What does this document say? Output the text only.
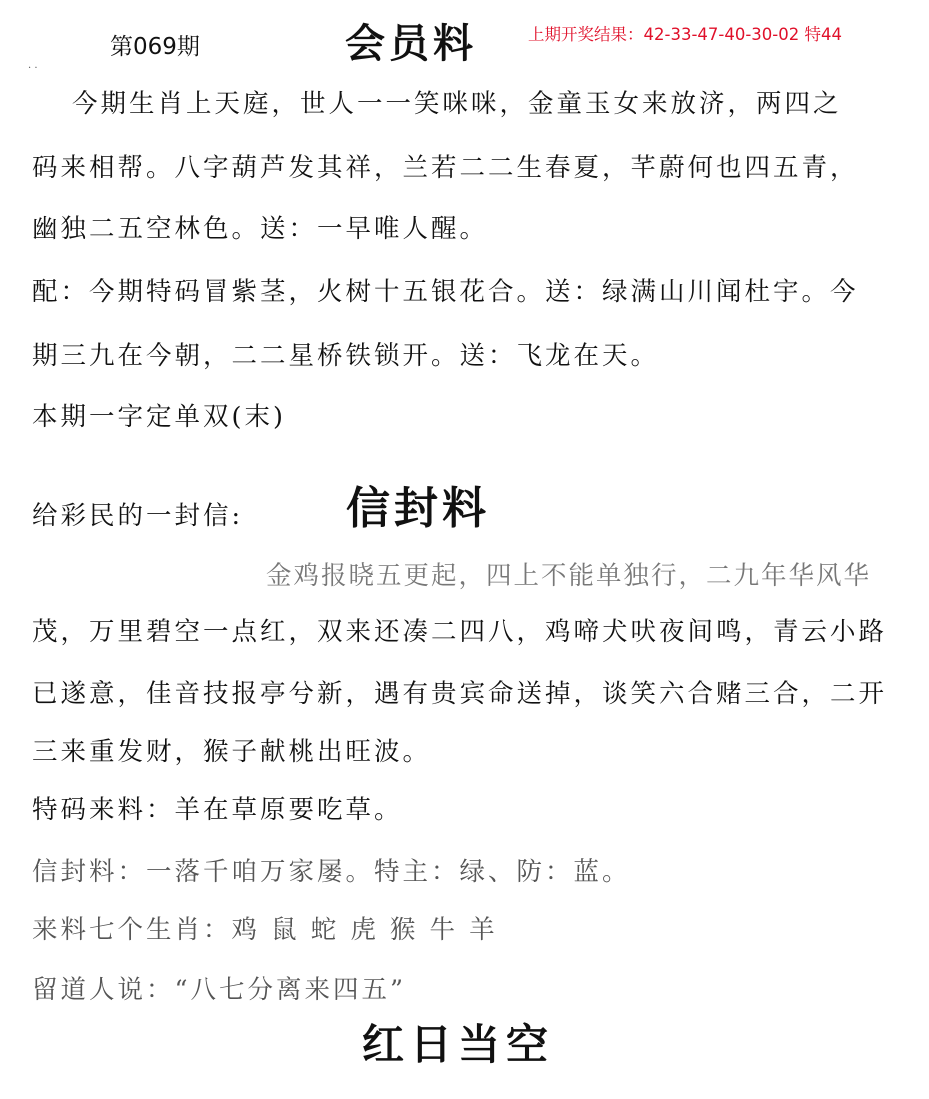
第069期	会员料	上期开奖结果：42-33-47-40-30-02 特44
. .
今期生肖上天庭，世人一一笑咪咪，金童玉女来放济，两四之
码来相帮。八字葫芦发其祥，兰若二二生春夏，芊蔚何也四五青，
幽独二五空林色。送：一早唯人醒。
配：今期特码冒紫茎，火树十五银花合。送：绿满山川闻杜宇。今
期三九在今朝，二二星桥铁锁开。送：飞龙在天。
本期一字定单双(末)
给彩民的一封信: 信封料
金鸡报晓五更起，四上不能单独行，二九年华风华
茂，万里碧空一点红，双来还凑二四八，鸡啼犬吠夜间鸣，青云小路
已遂意，佳音技报亭兮新，遇有贵宾命送掉，谈笑六合赌三合，二开
三来重发财，猴子献桃出旺波。
特码来料：羊在草原要吃草。
信封料：一落千咱万家屡。特主：绿、防：蓝。
来料七个生肖：鸡 鼠 蛇 虎 猴 牛 羊
留道人说：“八七分离来四五”
红日当空
